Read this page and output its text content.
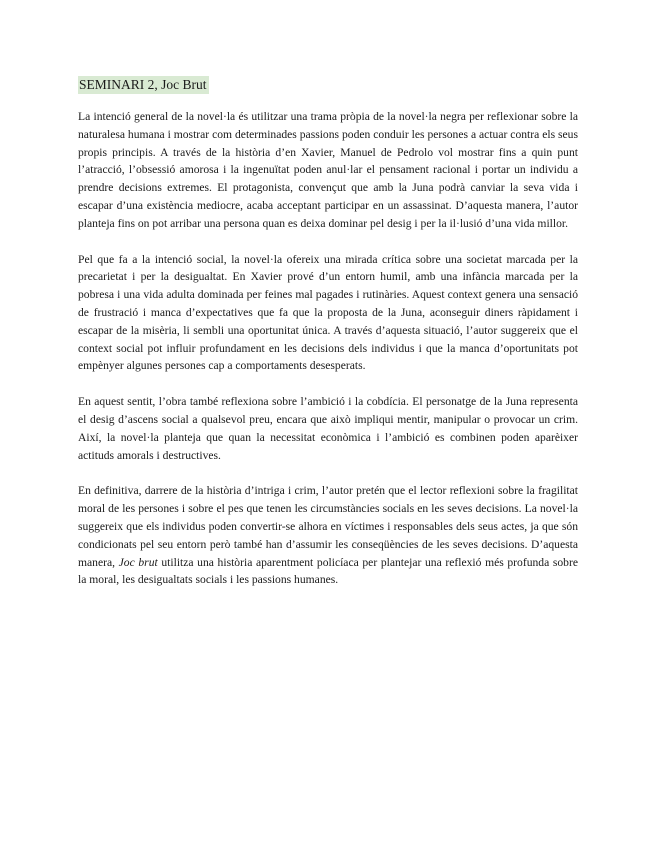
SEMINARI 2, Joc Brut

La intenció general de la novel·la és utilitzar una trama pròpia de la novel·la negra per reflexionar sobre la naturalesa humana i mostrar com determinades passions poden conduir les persones a actuar contra els seus propis principis. A través de la història d’en Xavier, Manuel de Pedrolo vol mostrar fins a quin punt l’atracció, l’obsessió amorosa i la ingenuïtat poden anul·lar el pensament racional i portar un individu a prendre decisions extremes. El protagonista, convençut que amb la Juna podrà canviar la seva vida i escapar d’una existència mediocre, acaba acceptant participar en un assassinat. D’aquesta manera, l’autor planteja fins on pot arribar una persona quan es deixa dominar pel desig i per la il·lusió d’una vida millor.

Pel que fa a la intenció social, la novel·la ofereix una mirada crítica sobre una societat marcada per la precarietat i per la desigualtat. En Xavier prové d’un entorn humil, amb una infància marcada per la pobresa i una vida adulta dominada per feines mal pagades i rutinàries. Aquest context genera una sensació de frustració i manca d’expectatives que fa que la proposta de la Juna, aconseguir diners ràpidament i escapar de la misèria, li sembli una oportunitat única. A través d’aquesta situació, l’autor suggereix que el context social pot influir profundament en les decisions dels individus i que la manca d’oportunitats pot empènyer algunes persones cap a comportaments desesperats.

En aquest sentit, l’obra també reflexiona sobre l’ambició i la cobdícia. El personatge de la Juna representa el desig d’ascens social a qualsevol preu, encara que això impliqui mentir, manipular o provocar un crim. Així, la novel·la planteja que quan la necessitat econòmica i l’ambició es combinen poden aparèixer actituds amorals i destructives.

En definitiva, darrere de la història d’intriga i crim, l’autor pretén que el lector reflexioni sobre la fragilitat moral de les persones i sobre el pes que tenen les circumstàncies socials en les seves decisions. La novel·la suggereix que els individus poden convertir-se alhora en víctimes i responsables dels seus actes, ja que són condicionats pel seu entorn però també han d’assumir les conseqüències de les seves decisions. D’aquesta manera, Joc brut utilitza una història aparentment policíaca per plantejar una reflexió més profunda sobre la moral, les desigualtats socials i les passions humanes.
